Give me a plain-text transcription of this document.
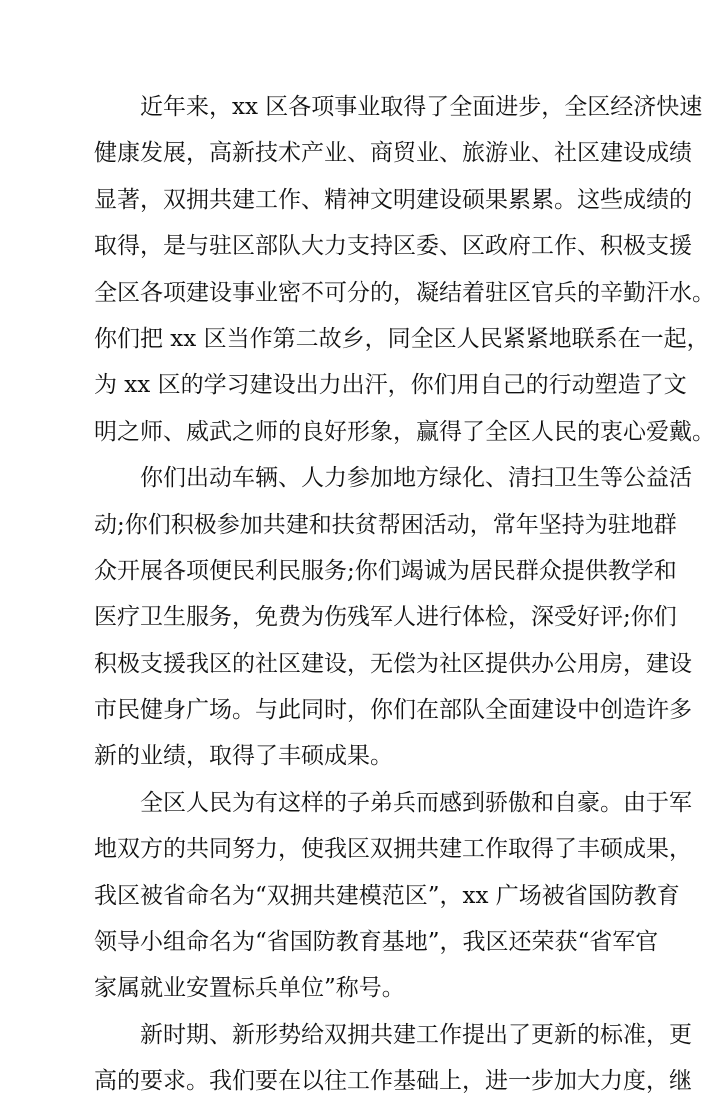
近年来，xx 区各项事业取得了全面进步，全区经济快速
健康发展，高新技术产业、商贸业、旅游业、社区建设成绩
显著，双拥共建工作、精神文明建设硕果累累。这些成绩的
取得，是与驻区部队大力支持区委、区政府工作、积极支援
全区各项建设事业密不可分的，凝结着驻区官兵的辛勤汗水。
你们把 xx 区当作第二故乡，同全区人民紧紧地联系在一起，
为 xx 区的学习建设出力出汗，你们用自己的行动塑造了文
明之师、威武之师的良好形象，赢得了全区人民的衷心爱戴。
你们出动车辆、人力参加地方绿化、清扫卫生等公益活
动;你们积极参加共建和扶贫帮困活动，常年坚持为驻地群
众开展各项便民利民服务;你们竭诚为居民群众提供教学和
医疗卫生服务，免费为伤残军人进行体检，深受好评;你们
积极支援我区的社区建设，无偿为社区提供办公用房，建设
市民健身广场。与此同时，你们在部队全面建设中创造许多
新的业绩，取得了丰硕成果。
全区人民为有这样的子弟兵而感到骄傲和自豪。由于军
地双方的共同努力，使我区双拥共建工作取得了丰硕成果，
我区被省命名为“双拥共建模范区”，xx 广场被省国防教育
领导小组命名为“省国防教育基地”，我区还荣获“省军官
家属就业安置标兵单位”称号。
新时期、新形势给双拥共建工作提出了更新的标准，更
高的要求。我们要在以往工作基础上，进一步加大力度，继
